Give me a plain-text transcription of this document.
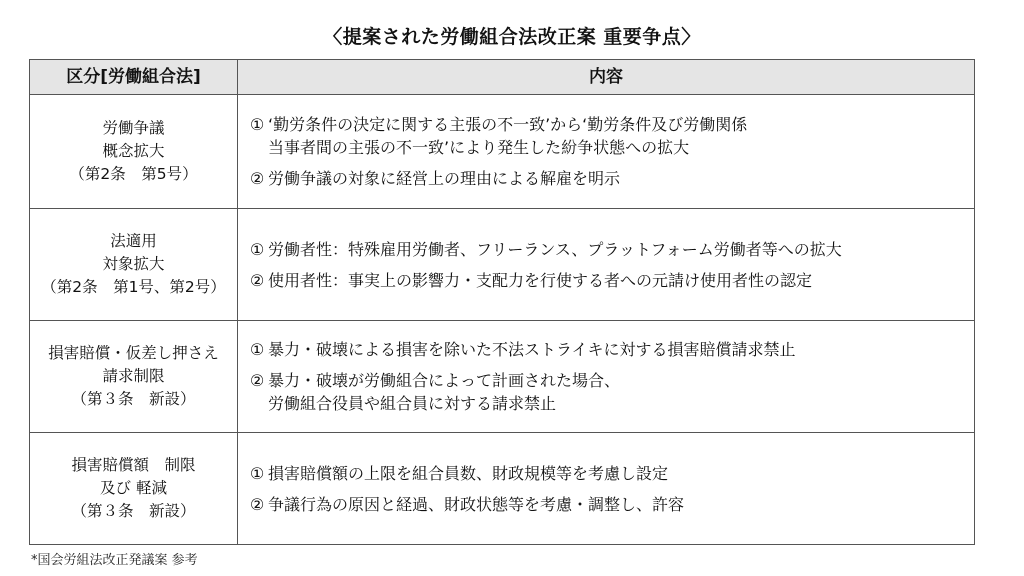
〈提案された労働組合法改正案 重要争点〉
区分[労働組合法]	内容
労働争議
概念拡大
（第2条　第5号）
① ‘勤労条件の決定に関する主張の不一致’から‘勤労条件及び労働関係
当事者間の主張の不一致’により発生した紛争状態への拡大
② 労働争議の対象に経営上の理由による解雇を明示
法適用
対象拡大
（第2条　第1号、第2号）
① 労働者性：特殊雇用労働者、フリーランス、プラットフォーム労働者等への拡大
② 使用者性：事実上の影響力・支配力を行使する者への元請け使用者性の認定
損害賠償・仮差し押さえ
請求制限
（第３条　新設）
① 暴力・破壊による損害を除いた不法ストライキに対する損害賠償請求禁止
② 暴力・破壊が労働組合によって計画された場合、
労働組合役員や組合員に対する請求禁止
損害賠償額　制限
及び 軽減
（第３条　新設）
① 損害賠償額の上限を組合員数、財政規模等を考慮し設定
② 争議行為の原因と経過、財政状態等を考慮・調整し、許容
*国会労組法改正発議案 参考
